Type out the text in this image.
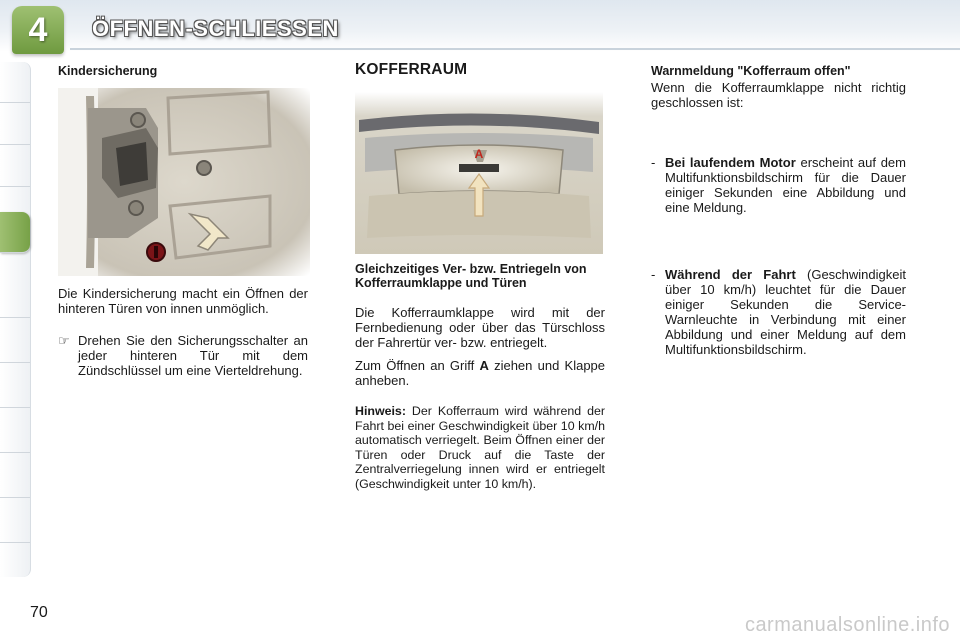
4	ÖFFNEN-SCHLIESSEN
Kindersicherung

Die Kindersicherung macht ein Öffnen der hinteren Türen von innen unmöglich.

☞ Drehen Sie den Sicherungsschalter an jeder hinteren Tür mit dem Zündschlüssel um eine Vierteldrehung.

KOFFERRAUM
A
Gleichzeitiges Ver- bzw. Entriegeln von Kofferraumklappe und Türen

Die Kofferraumklappe wird mit der Fernbedienung oder über das Türschloss der Fahrertür ver- bzw. entriegelt.

Zum Öffnen an Griff A ziehen und Klappe anheben.

Hinweis: Der Kofferraum wird während der Fahrt bei einer Geschwindigkeit über 10 km/h automatisch verriegelt. Beim Öffnen einer der Türen oder Druck auf die Taste der Zentralverriegelung innen wird er entriegelt (Geschwindigkeit unter 10 km/h).

Warnmeldung "Kofferraum offen"

Wenn die Kofferraumklappe nicht richtig geschlossen ist:

- Bei laufendem Motor erscheint auf dem Multifunktionsbildschirm für die Dauer einiger Sekunden eine Abbildung und eine Meldung.

- Während der Fahrt (Geschwindigkeit über 10 km/h) leuchtet für die Dauer einiger Sekunden die Service-Warnleuchte in Verbindung mit einer Abbildung und einer Meldung auf dem Multifunktionsbildschirm.

70
carmanualsonline.info
